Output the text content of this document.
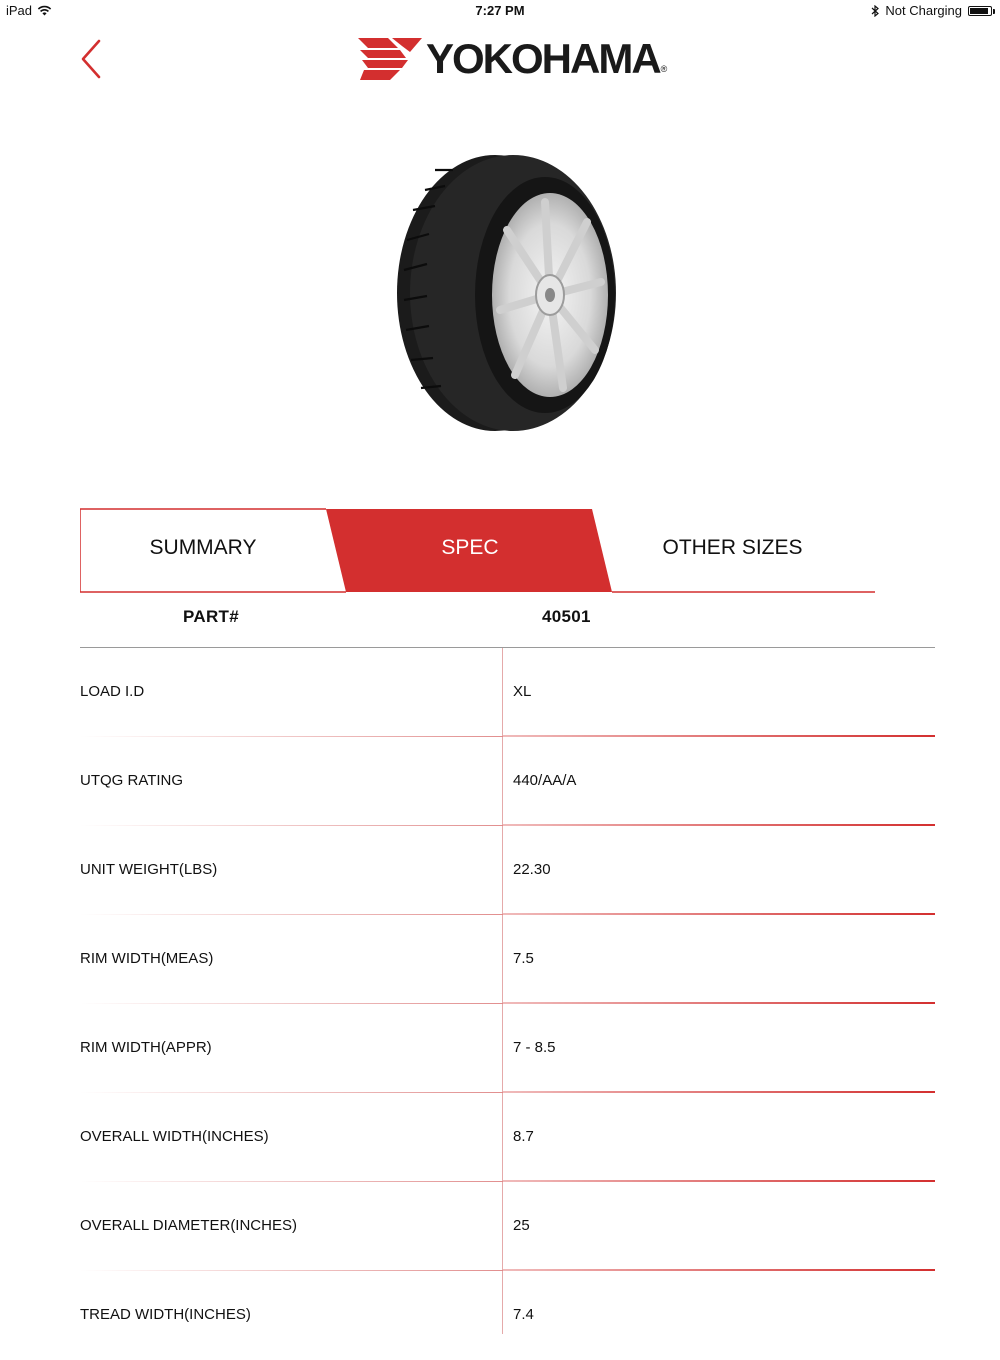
iPad	7:27 PM	Not Charging
YOKOHAMA ®
SUMMARY	SPEC	OTHER SIZES
PART#	40501
LOAD I.D	XL
UTQG RATING	440/AA/A
UNIT WEIGHT(LBS)	22.30
RIM WIDTH(MEAS)	7.5
RIM WIDTH(APPR)	7 - 8.5
OVERALL WIDTH(INCHES)	8.7
OVERALL DIAMETER(INCHES)	25
TREAD WIDTH(INCHES)	7.4
